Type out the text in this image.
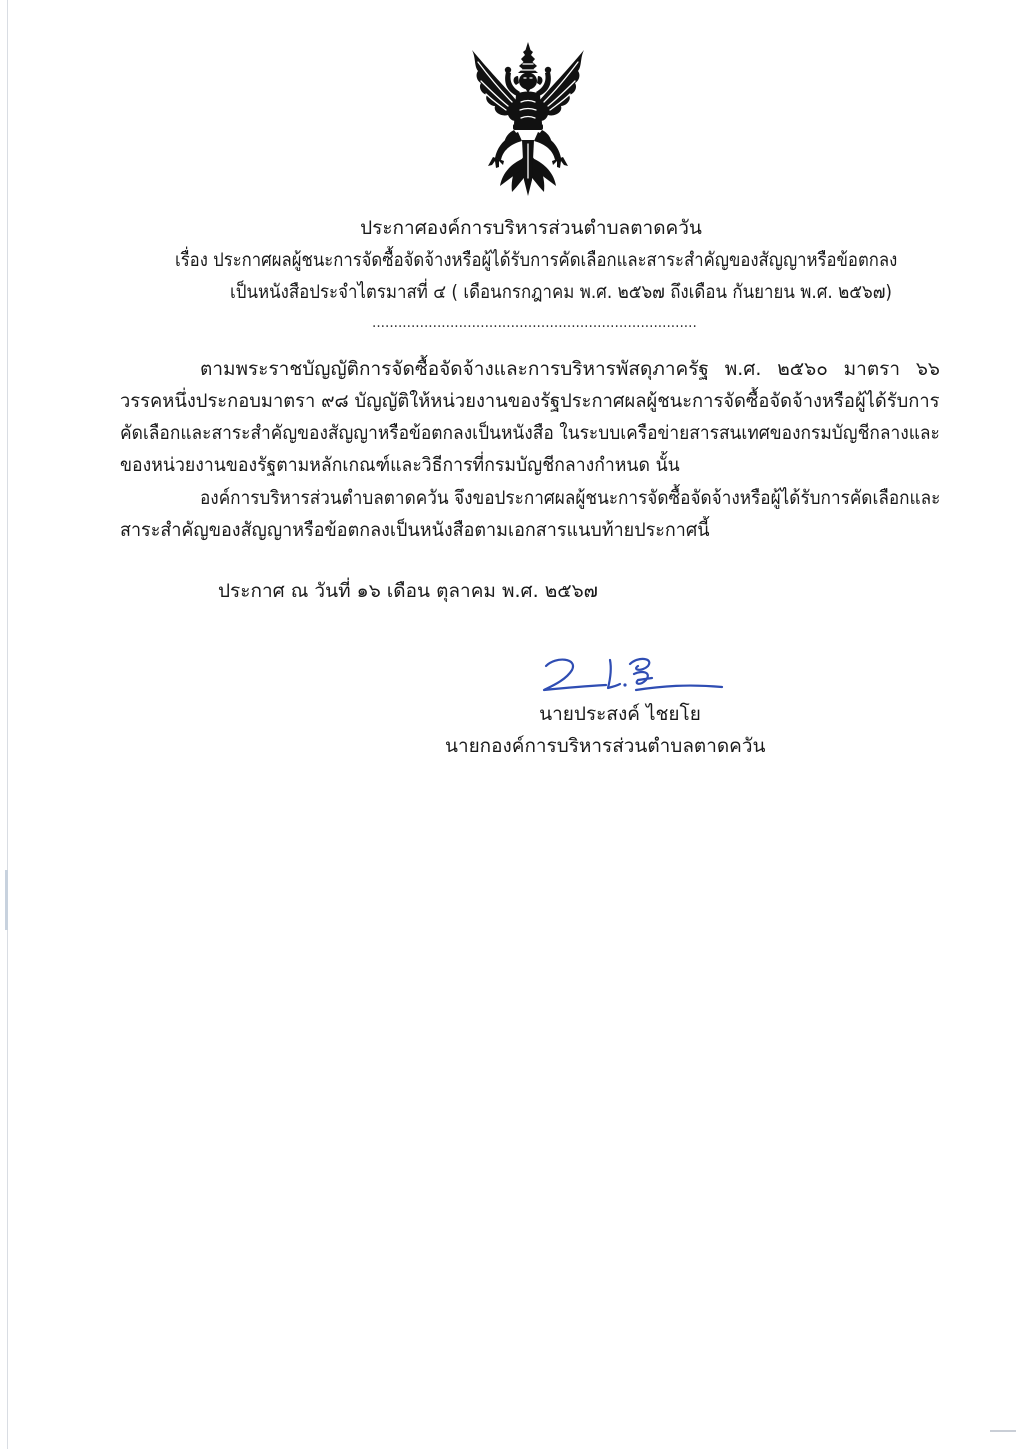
ประกาศองค์การบริหารส่วนตำบลตาดควัน
เรื่อง ประกาศผลผู้ชนะการจัดซื้อจัดจ้างหรือผู้ได้รับการคัดเลือกและสาระสำคัญของสัญญาหรือข้อตกลง
เป็นหนังสือประจำไตรมาสที่ ๔ ( เดือนกรกฎาคม พ.ศ. ๒๕๖๗ ถึงเดือน กันยายน พ.ศ. ๒๕๖๗)
...........................................................................
ตามพระราชบัญญัติการจัดซื้อจัดจ้างและการบริหารพัสดุภาครัฐ พ.ศ. ๒๕๖๐ มาตรา ๖๖
วรรคหนึ่งประกอบมาตรา ๙๘ บัญญัติให้หน่วยงานของรัฐประกาศผลผู้ชนะการจัดซื้อจัดจ้างหรือผู้ได้รับการ
คัดเลือกและสาระสำคัญของสัญญาหรือข้อตกลงเป็นหนังสือ ในระบบเครือข่ายสารสนเทศของกรมบัญชีกลางและ
ของหน่วยงานของรัฐตามหลักเกณฑ์และวิธีการที่กรมบัญชีกลางกำหนด นั้น
องค์การบริหารส่วนตำบลตาดควัน จึงขอประกาศผลผู้ชนะการจัดซื้อจัดจ้างหรือผู้ได้รับการคัดเลือกและ
สาระสำคัญของสัญญาหรือข้อตกลงเป็นหนังสือตามเอกสารแนบท้ายประกาศนี้
ประกาศ ณ วันที่ ๑๖ เดือน ตุลาคม พ.ศ. ๒๕๖๗
นายประสงค์ ไชยโย
นายกองค์การบริหารส่วนตำบลตาดควัน
